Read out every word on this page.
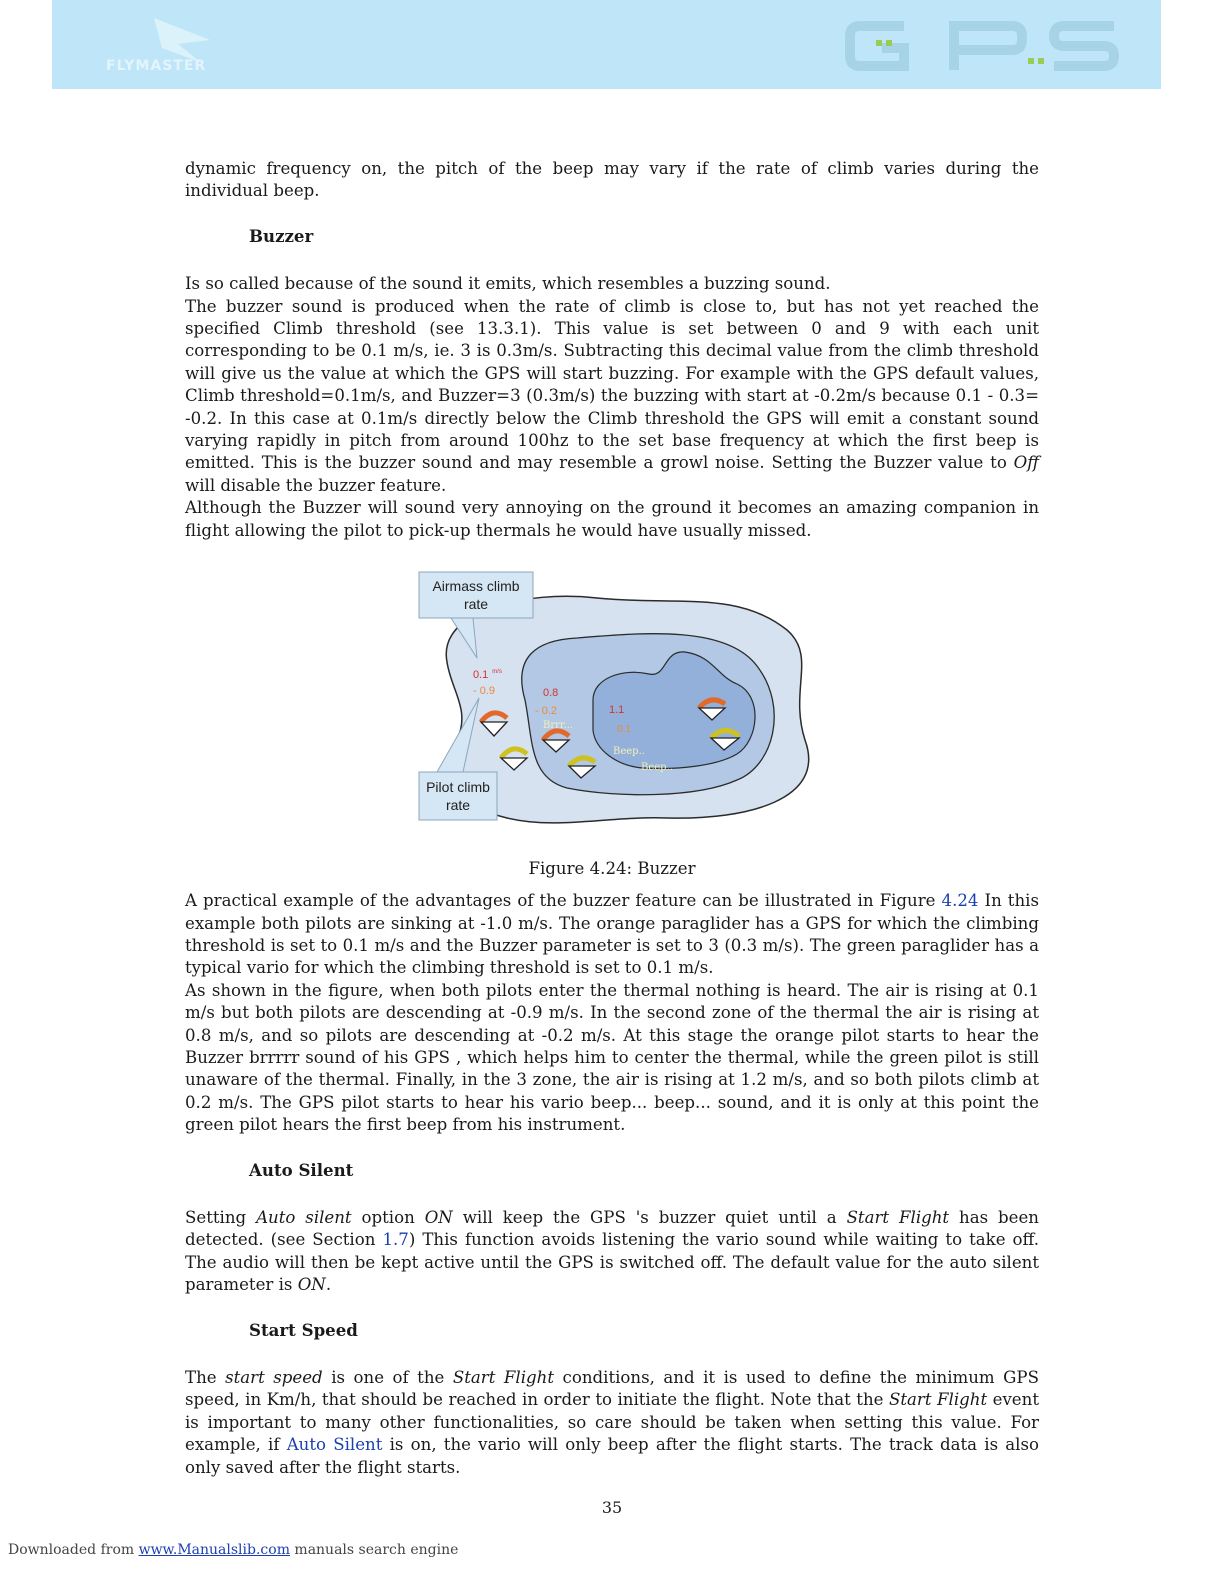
FLYMASTER

dynamic frequency on, the pitch of the beep may vary if the rate of climb varies during the individual beep.

Buzzer

Is so called because of the sound it emits, which resembles a buzzing sound.

The buzzer sound is produced when the rate of climb is close to, but has not yet reached the specified Climb threshold (see 13.3.1). This value is set between 0 and 9 with each unit corresponding to be 0.1 m/s, ie. 3 is 0.3m/s. Subtracting this decimal value from the climb threshold will give us the value at which the GPS will start buzzing. For example with the GPS default values, Climb threshold=0.1m/s, and Buzzer=3 (0.3m/s) the buzzing with start at -0.2m/s because 0.1 - 0.3= -0.2. In this case at 0.1m/s directly below the Climb threshold the GPS will emit a constant sound varying rapidly in pitch from around 100hz to the set base frequency at which the first beep is emitted. This is the buzzer sound and may resemble a growl noise. Setting the Buzzer value to Off will disable the buzzer feature.

Although the Buzzer will sound very annoying on the ground it becomes an amazing companion in flight allowing the pilot to pick-up thermals he would have usually missed.

Airmass climb
rate
Pilot climb
rate
0.1 $^{m/s}$
- 0.9	0.8
- 0.2
Brrr...
1.1
0.1
Beep..
Beep..
Figure 4.24: Buzzer

A practical example of the advantages of the buzzer feature can be illustrated in Figure 4.24 In this example both pilots are sinking at -1.0 m/s. The orange paraglider has a GPS for which the climbing threshold is set to 0.1 m/s and the Buzzer parameter is set to 3 (0.3 m/s). The green paraglider has a typical vario for which the climbing threshold is set to 0.1 m/s.

As shown in the figure, when both pilots enter the thermal nothing is heard. The air is rising at 0.1 m/s but both pilots are descending at -0.9 m/s. In the second zone of the thermal the air is rising at 0.8 m/s, and so pilots are descending at -0.2 m/s. At this stage the orange pilot starts to hear the Buzzer brrrrr sound of his GPS , which helps him to center the thermal, while the green pilot is still unaware of the thermal. Finally, in the 3 zone, the air is rising at 1.2 m/s, and so both pilots climb at 0.2 m/s. The GPS pilot starts to hear his vario beep... beep... sound, and it is only at this point the green pilot hears the first beep from his instrument.

Auto Silent

Setting Auto silent option ON will keep the GPS 's buzzer quiet until a Start Flight has been detected. (see Section 1.7) This function avoids listening the vario sound while waiting to take off. The audio will then be kept active until the GPS is switched off. The default value for the auto silent parameter is ON.

Start Speed

The start speed is one of the Start Flight conditions, and it is used to define the minimum GPS speed, in Km/h, that should be reached in order to initiate the flight. Note that the Start Flight event is important to many other functionalities, so care should be taken when setting this value. For example, if Auto Silent is on, the vario will only beep after the flight starts. The track data is also only saved after the flight starts.

35
Downloaded from www.Manualslib.com manuals search engine
